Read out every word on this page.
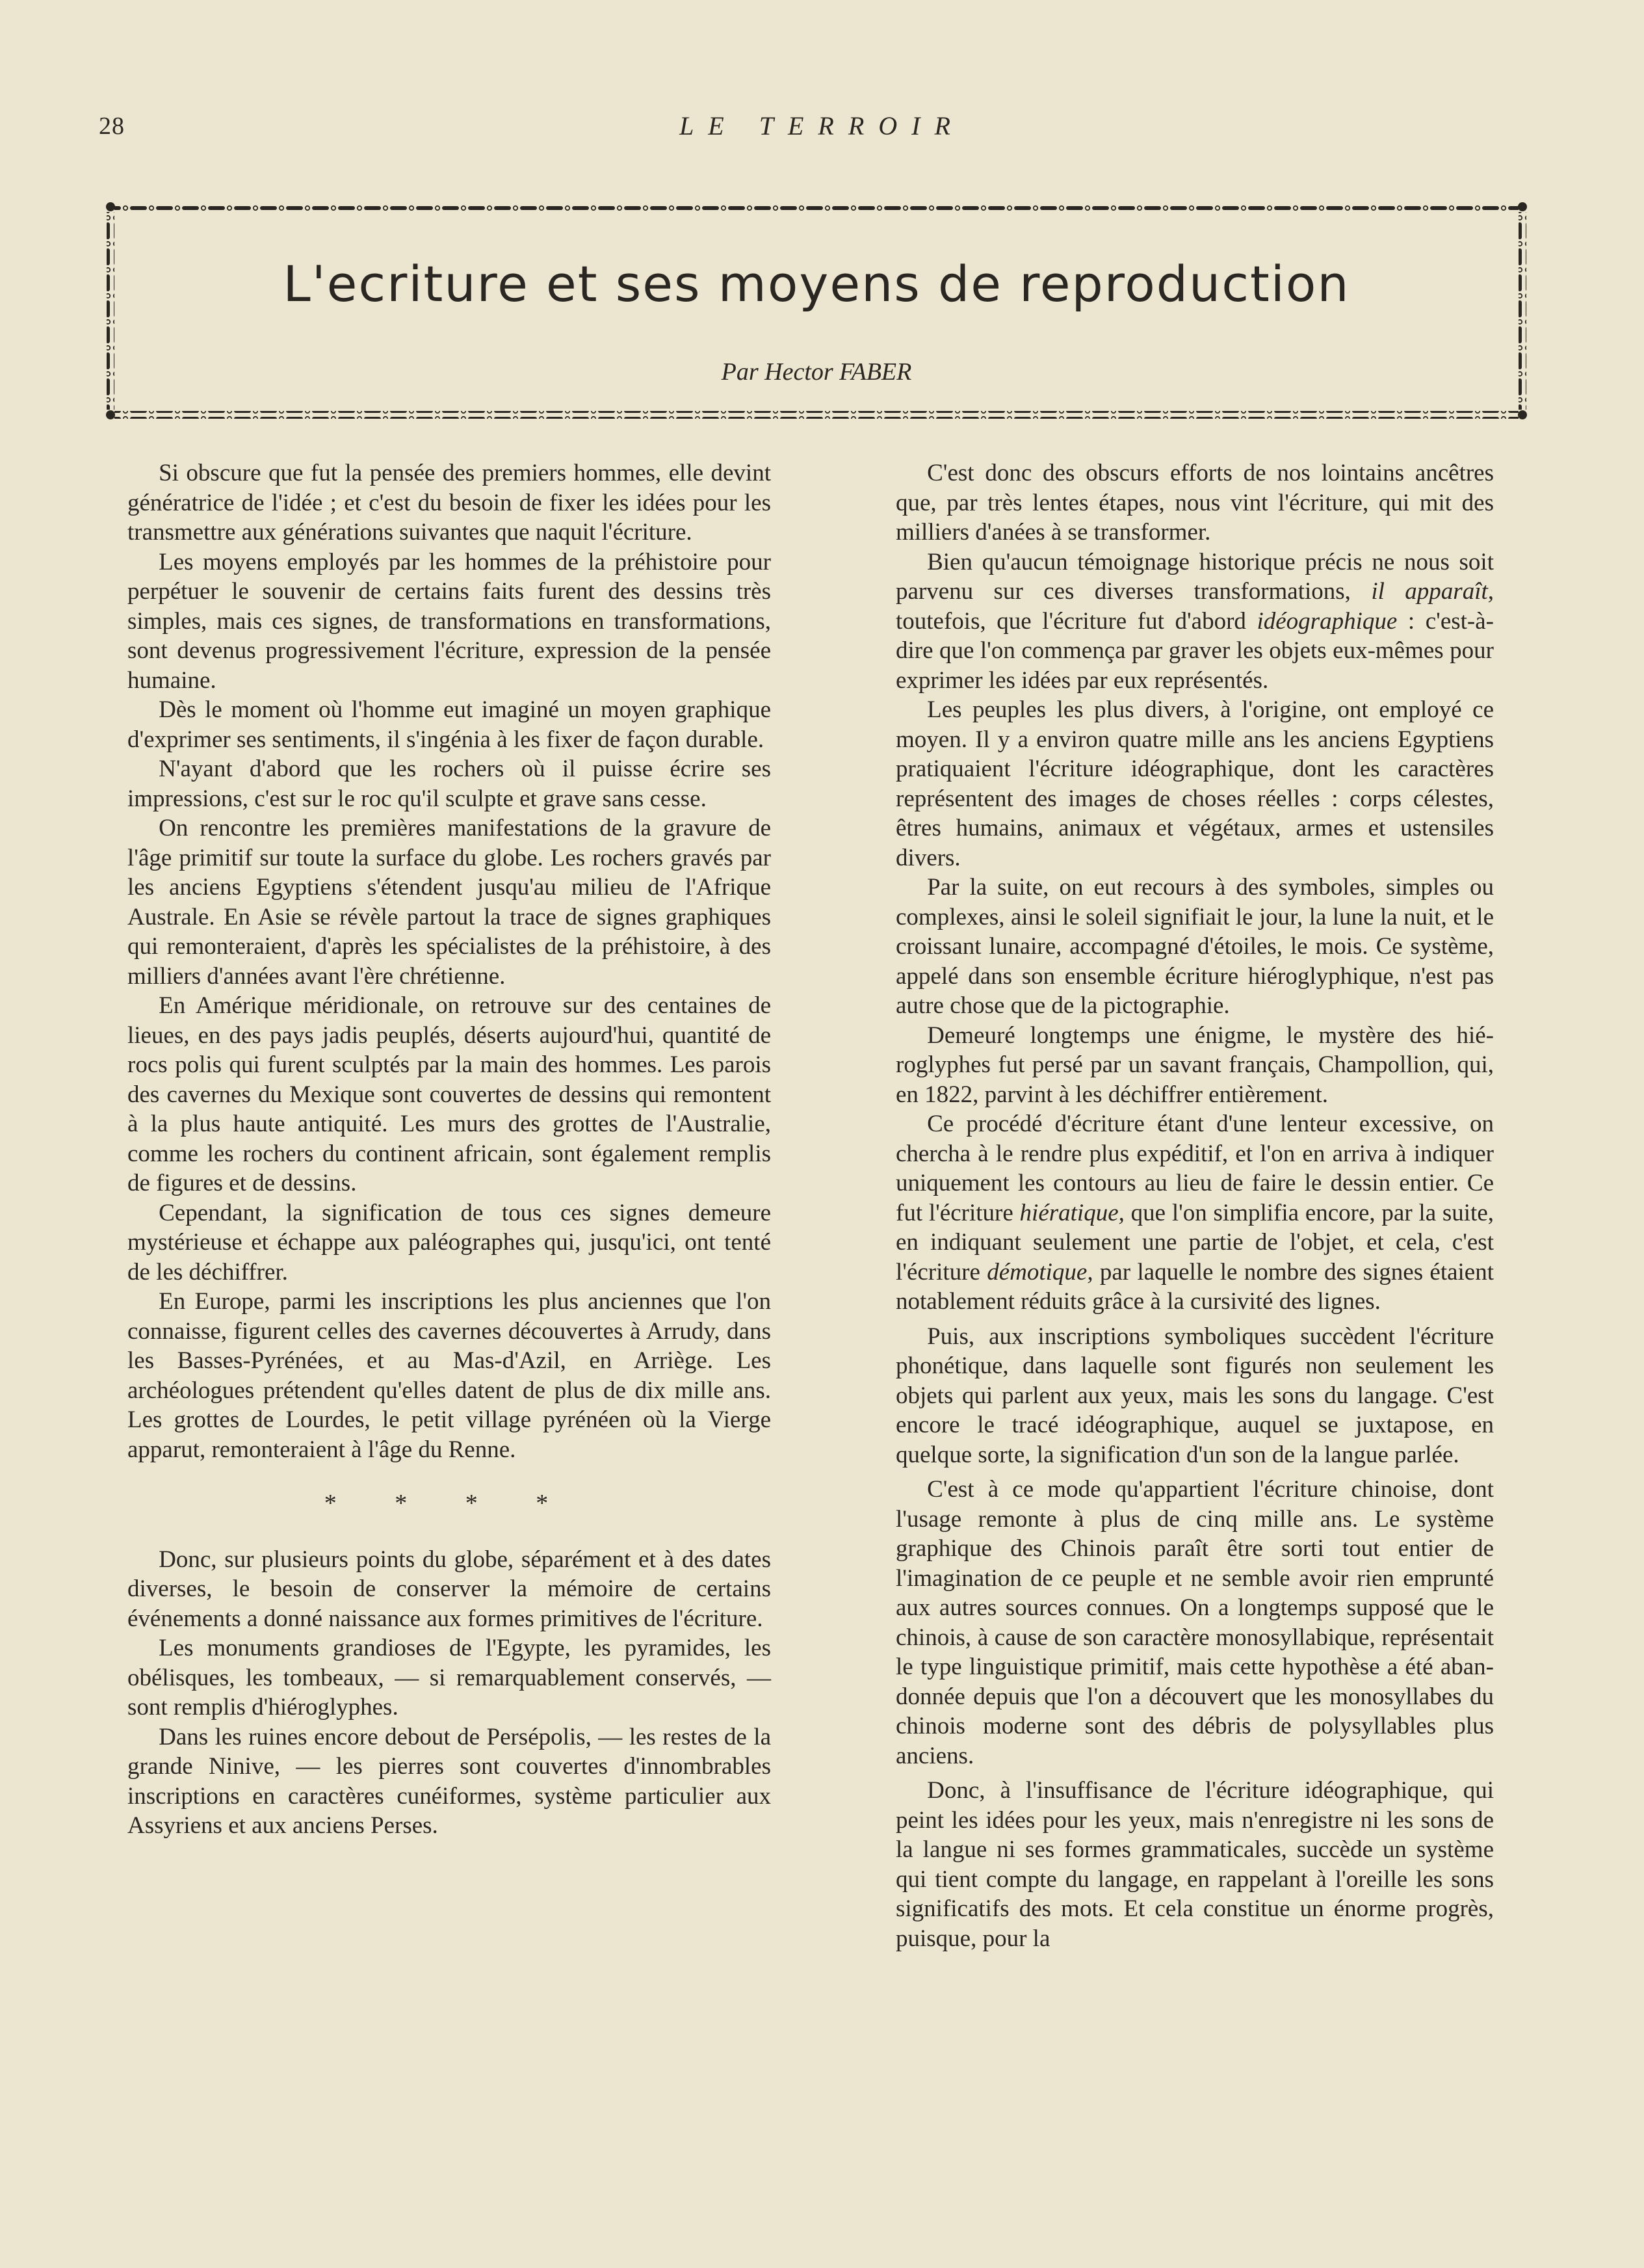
28	LE TERROIR
L'ecriture et ses moyens de reproduction
Par Hector FABER

Si obscure que fut la pensée des premiers hommes, elle devint génératrice de l'idée ; et c'est du besoin de fixer les idées pour les transmettre aux générations suivantes que naquit l'écriture.

Les moyens employés par les hommes de la préhistoire pour perpétuer le souvenir de certains faits furent des dessins très simples, mais ces signes, de transformations en transformations, sont devenus progressivement l'écriture, expression de la pensée humaine.

Dès le moment où l'homme eut imaginé un moyen graphique d'exprimer ses sentiments, il s'ingénia à les fixer de façon durable.

N'ayant d'abord que les rochers où il puisse écrire ses impressions, c'est sur le roc qu'il sculpte et grave sans cesse.

On rencontre les premières manifestations de la gravure de l'âge primitif sur toute la surface du globe. Les rochers gravés par les anciens Egyptiens s'étendent jusqu'au milieu de l'Afrique Australe. En Asie se révèle partout la trace de signes graphiques qui remonteraient, d'après les spécialistes de la préhistoire, à des milliers d'années avant l'ère chrétienne.

En Amérique méridionale, on retrouve sur des centaines de lieues, en des pays jadis peuplés, déserts aujourd'hui, quantité de rocs polis qui furent sculptés par la main des hommes. Les parois des cavernes du Mexique sont couvertes de dessins qui remontent à la plus haute antiquité. Les murs des grottes de l'Australie, comme les rochers du continent africain, sont également remplis de figures et de dessins.

Cependant, la signification de tous ces signes demeure mystérieuse et échappe aux paléographes qui, jusqu'ici, ont tenté de les déchiffrer.

En Europe, parmi les inscriptions les plus anciennes que l'on connaisse, figurent celles des cavernes découvertes à Arrudy, dans les Basses-Pyrénées, et au Mas-d'Azil, en Arriège. Les archéologues prétendent qu'elles datent de plus de dix mille ans. Les grottes de Lourdes, le petit village pyrénéen où la Vierge apparut, remonteraient à l'âge du Renne.

* * * *

Donc, sur plusieurs points du globe, séparément et à des dates diverses, le besoin de conserver la mémoire de certains événements a donné naissance aux formes primitives de l'écriture.

Les monuments grandioses de l'Egypte, les pyramides, les obélisques, les tombeaux, — si remarquablement conservés, — sont remplis d'hiéroglyphes.

Dans les ruines encore debout de Persépolis, — les restes de la grande Ninive, — les pierres sont couvertes d'innombrables inscriptions en caractères cunéiformes, système particulier aux Assyriens et aux anciens Perses.

C'est donc des obscurs efforts de nos lointains ancêtres que, par très lentes étapes, nous vint l'écriture, qui mit des milliers d'anées à se transformer.

Bien qu'aucun témoignage historique précis ne nous soit parvenu sur ces diverses transformations, il apparaît, toutefois, que l'écriture fut d'abord idéographique : c'est-à-dire que l'on commença par graver les objets eux-mêmes pour exprimer les idées par eux représentés.

Les peuples les plus divers, à l'origine, ont employé ce moyen. Il y a environ quatre mille ans les anciens Egyptiens pratiquaient l'écriture idéographique, dont les caractères représentent des images de choses réelles : corps célestes, êtres humains, animaux et végétaux, armes et ustensiles divers.

Par la suite, on eut recours à des symboles, simples ou complexes, ainsi le soleil signifiait le jour, la lune la nuit, et le croissant lunaire, accompagné d'étoiles, le mois. Ce système, appelé dans son ensemble écriture hiéroglyphique, n'est pas autre chose que de la pictographie.

Demeuré longtemps une énigme, le mystère des hiéroglyphes fut persé par un savant français, Champollion, qui, en 1822, parvint à les déchiffrer entièrement.

Ce procédé d'écriture étant d'une lenteur excessive, on chercha à le rendre plus expéditif, et l'on en arriva à indiquer uniquement les contours au lieu de faire le dessin entier. Ce fut l'écriture hiératique, que l'on simplifia encore, par la suite, en indiquant seulement une partie de l'objet, et cela, c'est l'écriture démotique, par laquelle le nombre des signes étaient notablement réduits grâce à la cursivité des lignes.

Puis, aux inscriptions symboliques succèdent l'écriture phonétique, dans laquelle sont figurés non seulement les objets qui parlent aux yeux, mais les sons du langage. C'est encore le tracé idéographique, auquel se juxtapose, en quelque sorte, la signification d'un son de la langue parlée.

C'est à ce mode qu'appartient l'écriture chinoise, dont l'usage remonte à plus de cinq mille ans. Le système graphique des Chinois paraît être sorti tout entier de l'imagination de ce peuple et ne semble avoir rien emprunté aux autres sources connues. On a longtemps supposé que le chinois, à cause de son caractère monosyllabique, représentait le type linguistique primitif, mais cette hypothèse a été abandonnée depuis que l'on a découvert que les monosyllabes du chinois moderne sont des débris de polysyllables plus anciens.

Donc, à l'insuffisance de l'écriture idéographique, qui peint les idées pour les yeux, mais n'enregistre ni les sons de la langue ni ses formes grammaticales, succède un système qui tient compte du langage, en rappelant à l'oreille les sons significatifs des mots. Et cela constitue un énorme progrès, puisque, pour la
